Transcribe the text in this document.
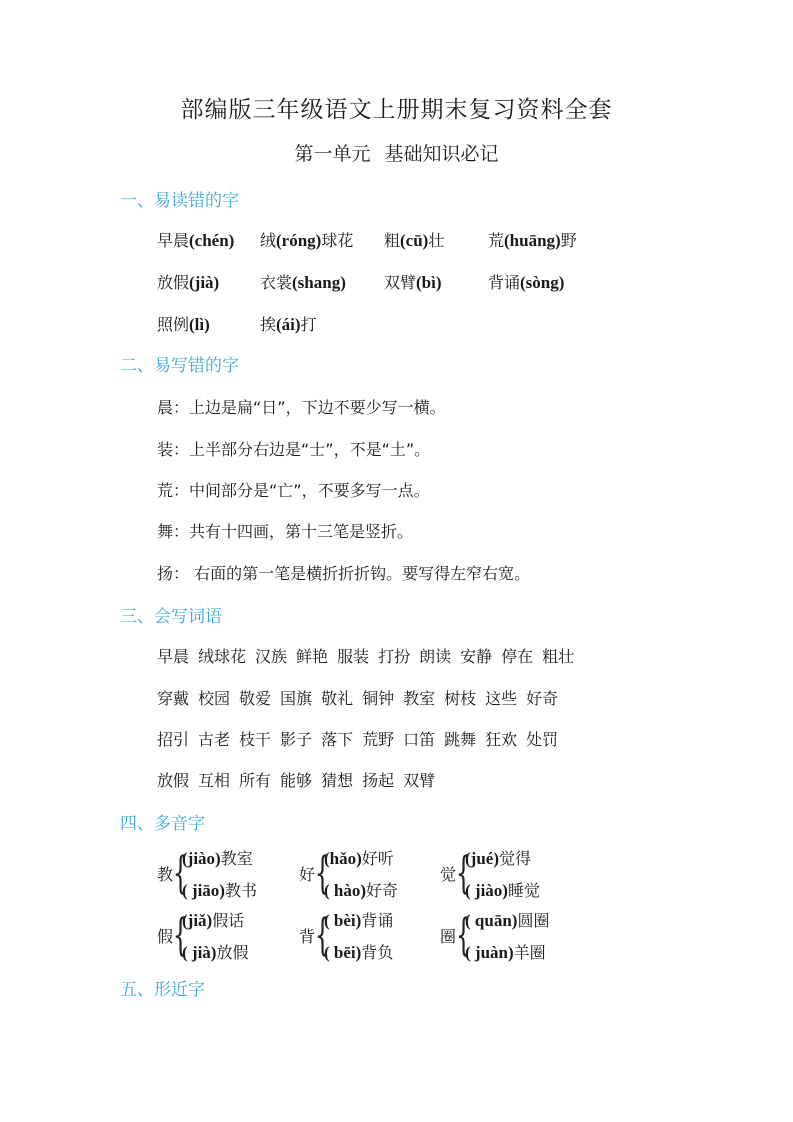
部编版三年级语文上册期末复习资料全套
第一单元 基础知识必记
一、易读错的字
早晨(chén) 绒(róng)球花 粗(cū)壮	荒(huāng)野
放假(jià)	衣裳(shang) 双臂(bì)	背诵(sòng)
照例(lì)	挨(ái)打
二、易写错的字
晨：上边是扁“日”，下边不要少写一横。
装：上半部分右边是“士”，不是“土”。
荒：中间部分是“亡”，不要多写一点。
舞：共有十四画，第十三笔是竖折。
扬： 右面的第一笔是横折折折钩。要写得左窄右宽。
三、会写词语
早晨 绒球花 汉族 鲜艳 服装 打扮 朗读 安静 停在 粗壮
穿戴 校园 敬爱 国旗 敬礼 铜钟 教室 树枝 这些 好奇
招引 古老 枝干 影子 落下 荒野 口笛 跳舞 狂欢 处罚
放假 互相 所有 能够 猜想 扬起 双臂
四、多音字
教 {
(jiào)教室
( jiāo)教书
好 {
(hǎo)好听
( hào)好奇
觉 {
(jué)觉得
( jiào)睡觉
假 {
(jiǎ)假话
( jià)放假
背 {
( bèi)背诵
( bēi)背负
圈 {
( quān)圆圈
( juàn)羊圈
五、形近字
